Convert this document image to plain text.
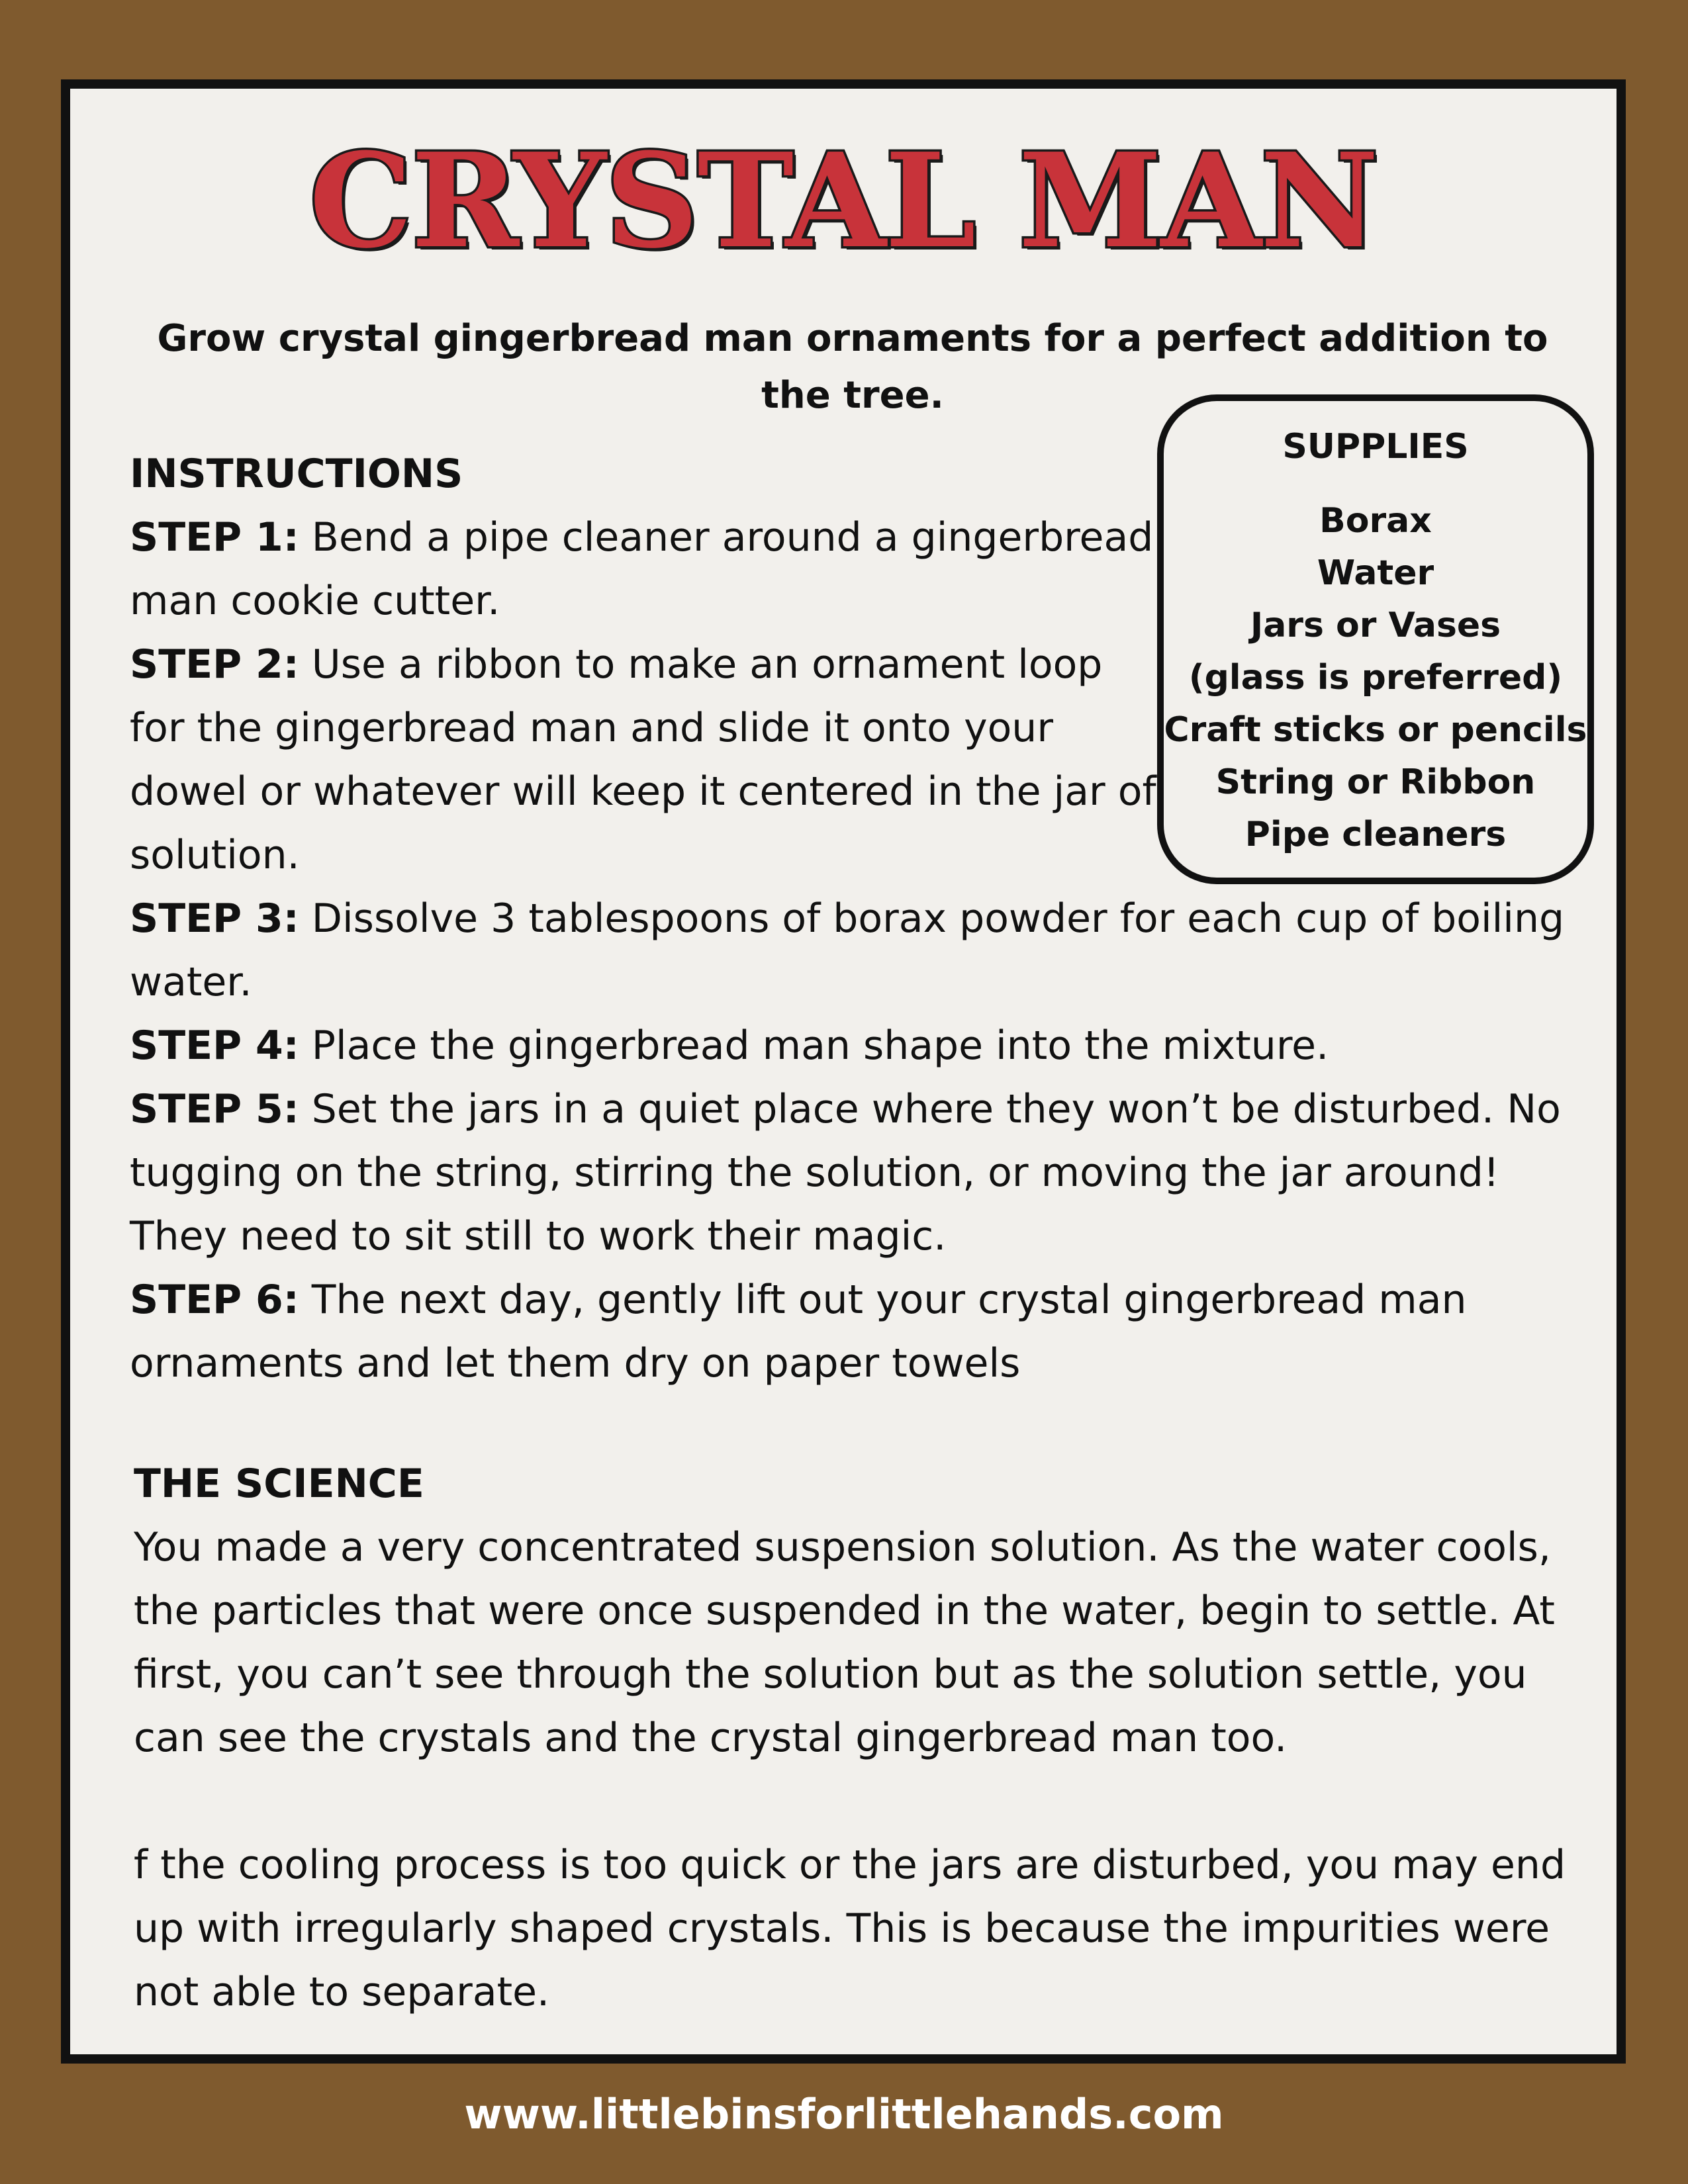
CRYSTAL MAN

Grow crystal gingerbread man ornaments for a perfect addition to the tree.

SUPPLIES
Borax
Water
Jars or Vases
(glass is preferred)
Craft sticks or pencils
String or Ribbon
Pipe cleaners
INSTRUCTIONS

STEP 1: Bend a pipe cleaner around a gingerbread man cookie cutter.

STEP 2: Use a ribbon to make an ornament loop for the gingerbread man and slide it onto your dowel or whatever will keep it centered in the jar of solution.

STEP 3: Dissolve 3 tablespoons of borax powder for each cup of boiling water.

STEP 4: Place the gingerbread man shape into the mixture.

STEP 5: Set the jars in a quiet place where they won’t be disturbed. No tugging on the string, stirring the solution, or moving the jar around! They need to sit still to work their magic.

STEP 6: The next day, gently lift out your crystal gingerbread man ornaments and let them dry on paper towels

THE SCIENCE

You made a very concentrated suspension solution. As the water cools, the particles that were once suspended in the water, begin to settle. At first, you can’t see through the solution but as the solution settle, you can see the crystals and the crystal gingerbread man too.

f the cooling process is too quick or the jars are disturbed, you may end up with irregularly shaped crystals. This is because the impurities were not able to separate.

www.littlebinsforlittlehands.com
